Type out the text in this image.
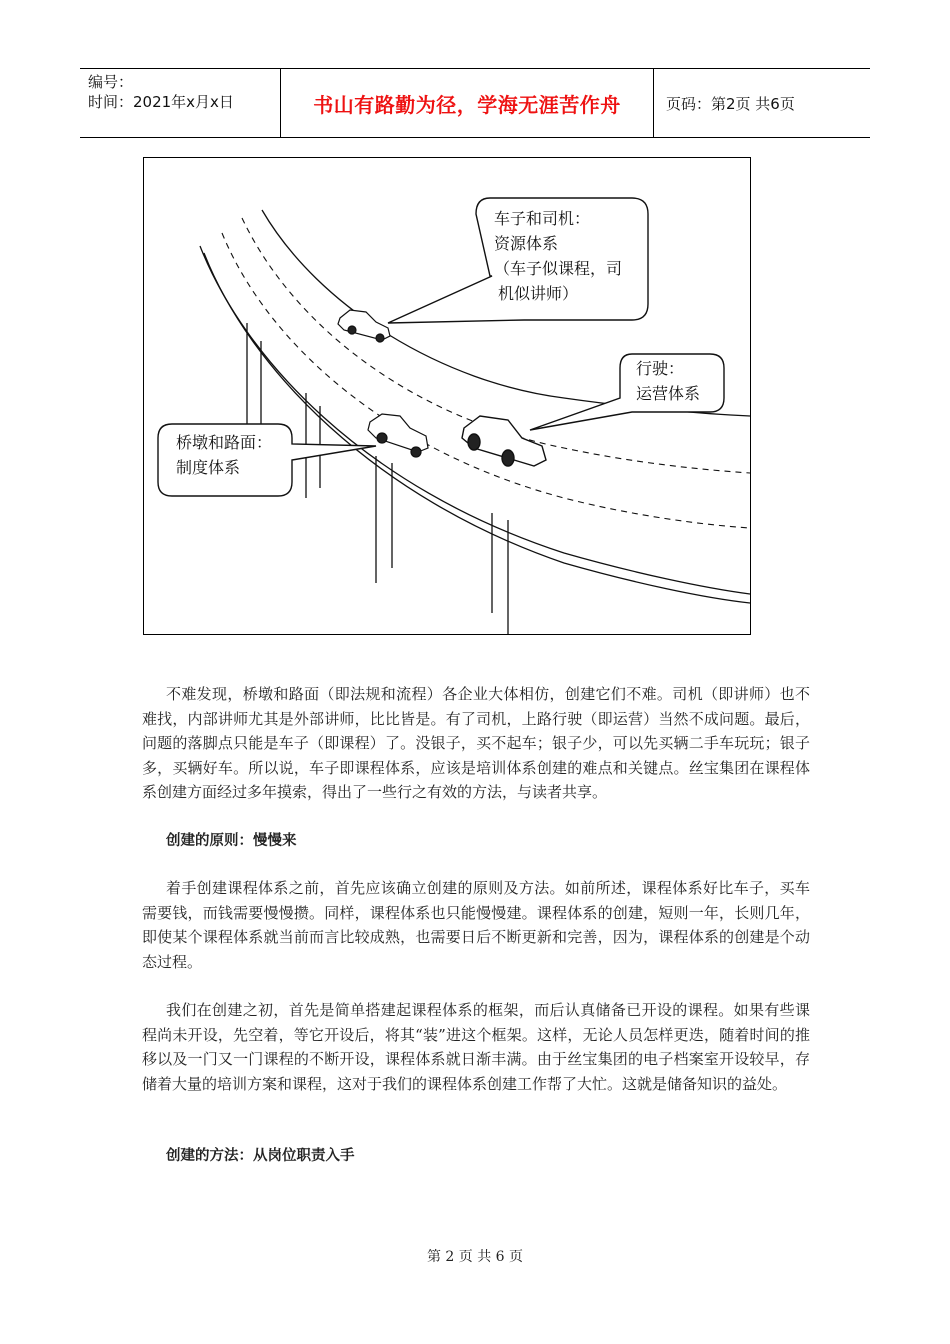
编号：
时间：2021年x月x日	书山有路勤为径，学海无涯苦作舟	页码：第2页 共6页
车子和司机：
资源体系
（车子似课程，司
机似讲师）
行驶：
运营体系
桥墩和路面：
制度体系
不难发现，桥墩和路面（即法规和流程）各企业大体相仿，创建它们不难。司机（即讲师）也不难找，内部讲师尤其是外部讲师，比比皆是。有了司机，上路行驶（即运营）当然不成问题。最后，问题的落脚点只能是车子（即课程）了。没银子，买不起车；银子少，可以先买辆二手车玩玩；银子多，买辆好车。所以说，车子即课程体系，应该是培训体系创建的难点和关键点。丝宝集团在课程体系创建方面经过多年摸索，得出了一些行之有效的方法，与读者共享。
创建的原则：慢慢来
着手创建课程体系之前，首先应该确立创建的原则及方法。如前所述，课程体系好比车子，买车需要钱，而钱需要慢慢攒。同样，课程体系也只能慢慢建。课程体系的创建，短则一年，长则几年，即使某个课程体系就当前而言比较成熟，也需要日后不断更新和完善，因为，课程体系的创建是个动态过程。
我们在创建之初，首先是简单搭建起课程体系的框架，而后认真储备已开设的课程。如果有些课程尚未开设，先空着，等它开设后，将其“装”进这个框架。这样，无论人员怎样更迭，随着时间的推移以及一门又一门课程的不断开设，课程体系就日渐丰满。由于丝宝集团的电子档案室开设较早，存储着大量的培训方案和课程，这对于我们的课程体系创建工作帮了大忙。这就是储备知识的益处。
创建的方法：从岗位职责入手
第 2 页 共 6 页
